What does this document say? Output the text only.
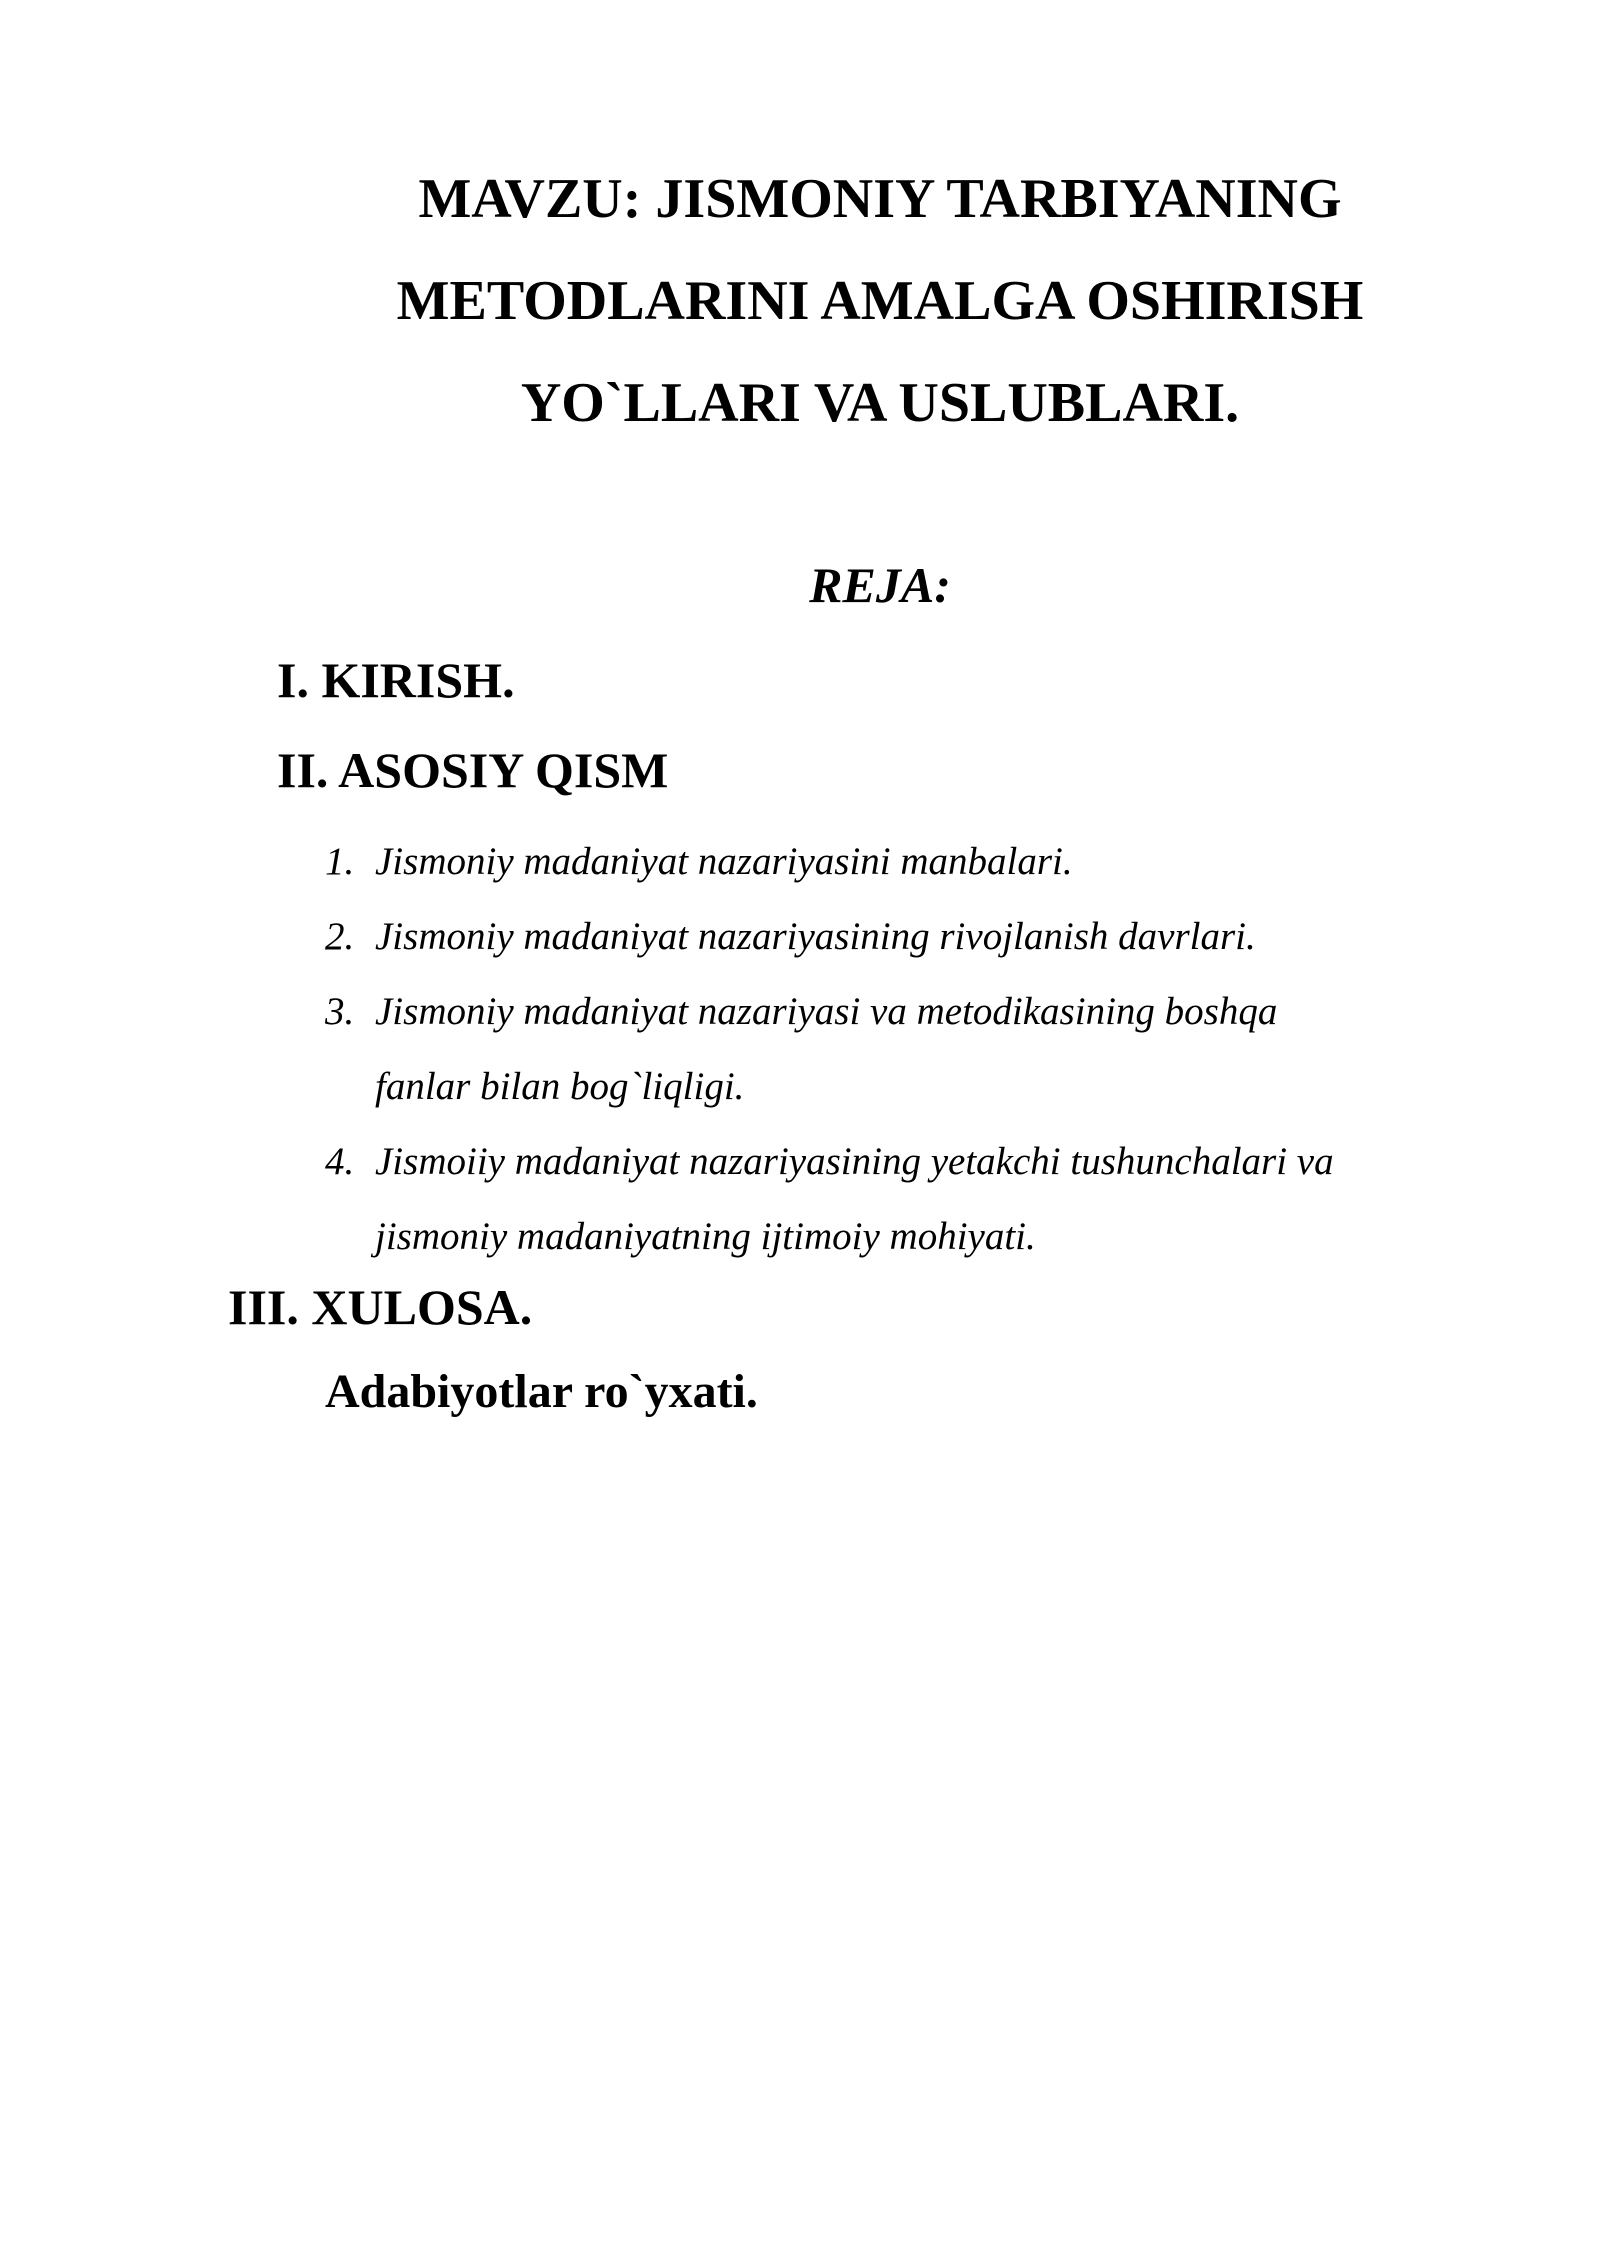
MAVZU: JISMONIY TARBIYANING
METODLARINI AMALGA OSHIRISH
YO`LLARI VA USLUBLARI.
REJA:
I. KIRISH.
II. ASOSIY QISM
1. Jismoniy madaniyat nazariyasini manbalari.
2. Jismoniy madaniyat nazariyasining rivojlanish davrlari.
3. Jismoniy madaniyat nazariyasi va metodikasining boshqa
fanlar bilan bog`liqligi.
4. Jismoiiy madaniyat nazariyasining yetakchi tushunchalari va
jismoniy madaniyatning ijtimoiy mohiyati.
III. XULOSA.
Adabiyotlar ro`yxati.
